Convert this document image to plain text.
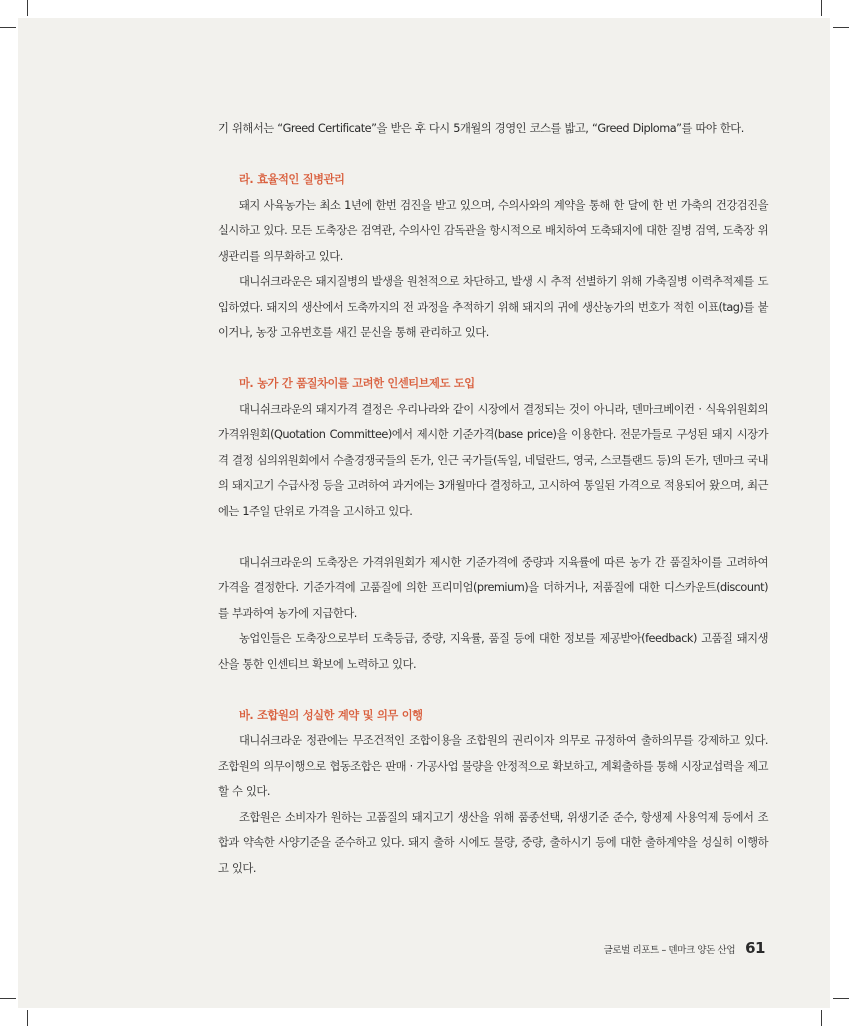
기 위해서는 “Greed Certificate”을 받은 후 다시 5개월의 경영인 코스를 밟고, “Greed Diploma”를 따야 한다.

라. 효율적인 질병관리

돼지 사육농가는 최소 1년에 한번 검진을 받고 있으며, 수의사와의 계약을 통해 한 달에 한 번 가축의 건강검진을 실시하고 있다. 모든 도축장은 검역관, 수의사인 감독관을 항시적으로 배치하여 도축돼지에 대한 질병 검역, 도축장 위생관리를 의무화하고 있다.

대니쉬크라운은 돼지질병의 발생을 원천적으로 차단하고, 발생 시 추적 선별하기 위해 가축질병 이력추적제를 도입하였다. 돼지의 생산에서 도축까지의 전 과정을 추적하기 위해 돼지의 귀에 생산농가의 번호가 적힌 이표(tag)를 붙이거나, 농장 고유번호를 새긴 문신을 통해 관리하고 있다.

마. 농가 간 품질차이를 고려한 인센티브제도 도입

대니쉬크라운의 돼지가격 결정은 우리나라와 같이 시장에서 결정되는 것이 아니라, 덴마크베이컨 · 식육위원회의 가격위원회(Quotation Committee)에서 제시한 기준가격(base price)을 이용한다. 전문가들로 구성된 돼지 시장가격 결정 심의위원회에서 수출경쟁국들의 돈가, 인근 국가들(독일, 네덜란드, 영국, 스코틀랜드 등)의 돈가, 덴마크 국내의 돼지고기 수급사정 등을 고려하여 과거에는 3개월마다 결정하고, 고시하여 통일된 가격으로 적용되어 왔으며, 최근에는 1주일 단위로 가격을 고시하고 있다.

대니쉬크라운의 도축장은 가격위원회가 제시한 기준가격에 중량과 지육률에 따른 농가 간 품질차이를 고려하여 가격을 결정한다. 기준가격에 고품질에 의한 프리미엄(premium)을 더하거나, 저품질에 대한 디스카운트(discount)를 부과하여 농가에 지급한다.

농업인들은 도축장으로부터 도축등급, 중량, 지육률, 품질 등에 대한 정보를 제공받아(feedback) 고품질 돼지생산을 통한 인센티브 확보에 노력하고 있다.

바. 조합원의 성실한 계약 및 의무 이행

대니쉬크라운 정관에는 무조건적인 조합이용을 조합원의 권리이자 의무로 규정하여 출하의무를 강제하고 있다. 조합원의 의무이행으로 협동조합은 판매 · 가공사업 물량을 안정적으로 확보하고, 계획출하를 통해 시장교섭력을 제고할 수 있다.

조합원은 소비자가 원하는 고품질의 돼지고기 생산을 위해 품종선택, 위생기준 준수, 항생제 사용억제 등에서 조합과 약속한 사양기준을 준수하고 있다. 돼지 출하 시에도 물량, 중량, 출하시기 등에 대한 출하계약을 성실히 이행하고 있다.

글로벌 리포트 – 덴마크 양돈 산업 61
